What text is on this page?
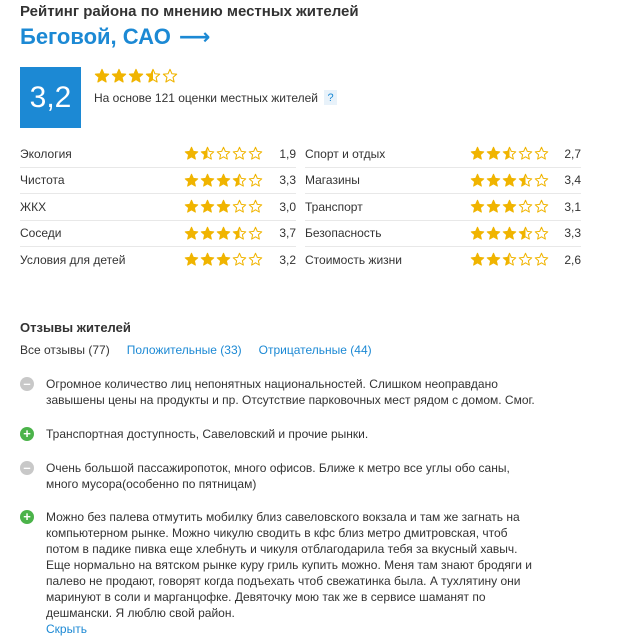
Рейтинг района по мнению местных жителей
Беговой, САО ⟶
3,2	На основе 121 оценки местных жителей ?
Экология	1,9
Чистота	3,3
ЖКХ	3,0
Соседи	3,7
Условия для детей	3,2
Спорт и отдых	2,7
Магазины	3,4
Транспорт	3,1
Безопасность	3,3
Стоимость жизни	2,6
Отзывы жителей
Все отзывы (77) Положительные (33) Отрицательные (44)
– Огромное количество лиц непонятных национальностей. Слишком неоправдано завышены цены на продукты и пр. Отсутствие парковочных мест рядом с домом. Смог.
+ Транспортная доступность, Савеловский и прочие рынки.
– Очень большой пассажиропоток, много офисов. Ближе к метро все углы обо саны, много мусора(особенно по пятницам)
+ Можно без палева отмутить мобилку близ савеловского вокзала и там же загнать на компьютерном рынке. Можно чикулю сводить в кфс близ метро дмитровская, чтоб потом в падике пивка еще хлебнуть и чикуля отблагодарила тебя за вкусный хавыч. Еще нормально на вятском рынке куру гриль купить можно. Меня там знают бродяги и палево не продают, говорят когда подъехать чтоб свежатинка была. А тухлятину они маринуют в соли и марганцофке. Девяточку мою так же в сервисе шаманят по дешмански. Я люблю свой район.
Скрыть
